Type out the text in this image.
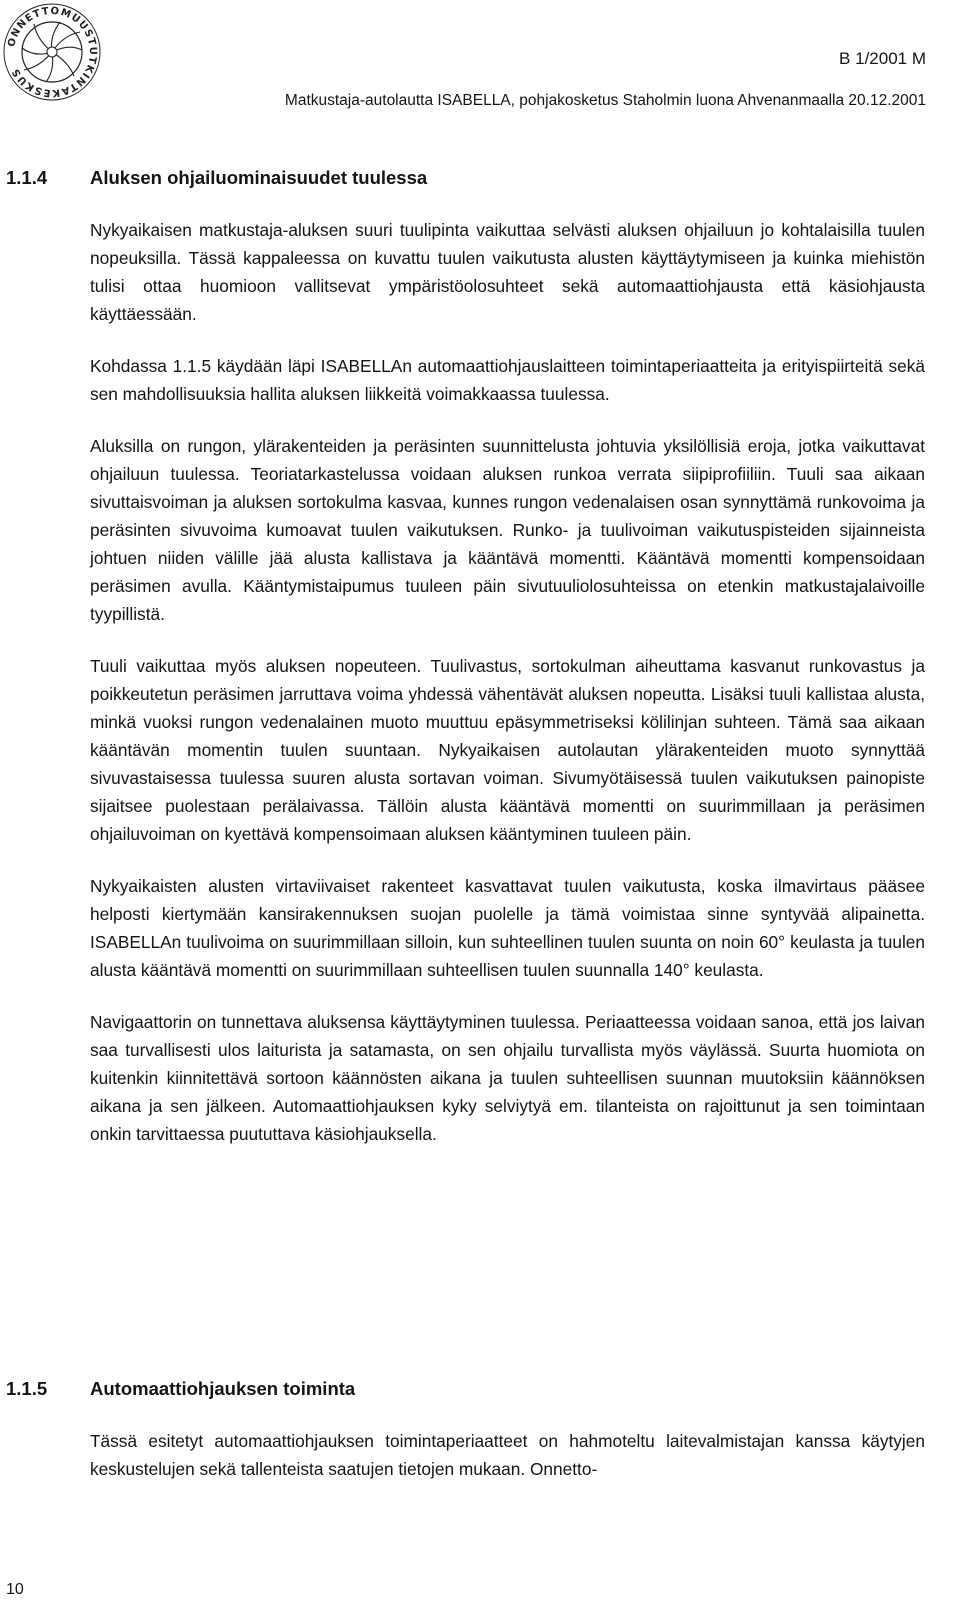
ONNETTOMUUSTUTKINTAKESKUS
B 1/2001 M
Matkustaja-autolautta ISABELLA, pohjakosketus Staholmin luona Ahvenanmaalla 20.12.2001
1.1.4 Aluksen ohjailuominaisuudet tuulessa

Nykyaikaisen matkustaja-aluksen suuri tuulipinta vaikuttaa selvästi aluksen ohjailuun jo kohtalaisilla tuulen nopeuksilla. Tässä kappaleessa on kuvattu tuulen vaikutusta alusten käyttäytymiseen ja kuinka miehistön tulisi ottaa huomioon vallitsevat ympäristöolosuhteet sekä automaattiohjausta että käsiohjausta käyttäessään.

Kohdassa 1.1.5 käydään läpi ISABELLAn automaattiohjauslaitteen toimintaperiaatteita ja erityispiirteitä sekä sen mahdollisuuksia hallita aluksen liikkeitä voimakkaassa tuulessa.

Aluksilla on rungon, ylärakenteiden ja peräsinten suunnittelusta johtuvia yksilöllisiä eroja, jotka vaikuttavat ohjailuun tuulessa. Teoriatarkastelussa voidaan aluksen runkoa verrata siipiprofiiliin. Tuuli saa aikaan sivuttaisvoiman ja aluksen sortokulma kasvaa, kunnes rungon vedenalaisen osan synnyttämä runkovoima ja peräsinten sivuvoima kumoavat tuulen vaikutuksen. Runko- ja tuulivoiman vaikutuspisteiden sijainneista johtuen niiden välille jää alusta kallistava ja kääntävä momentti. Kääntävä momentti kompensoidaan peräsimen avulla. Kääntymistaipumus tuuleen päin sivutuuliolosuhteissa on etenkin matkustajalaivoille tyypillistä.

Tuuli vaikuttaa myös aluksen nopeuteen. Tuulivastus, sortokulman aiheuttama kasvanut runkovastus ja poikkeutetun peräsimen jarruttava voima yhdessä vähentävät aluksen nopeutta. Lisäksi tuuli kallistaa alusta, minkä vuoksi rungon vedenalainen muoto muuttuu epäsymmetriseksi kölilinjan suhteen. Tämä saa aikaan kääntävän momentin tuulen suuntaan. Nykyaikaisen autolautan ylärakenteiden muoto synnyttää sivuvastaisessa tuulessa suuren alusta sortavan voiman. Sivumyötäisessä tuulen vaikutuksen painopiste sijaitsee puolestaan perälaivassa. Tällöin alusta kääntävä momentti on suurimmillaan ja peräsimen ohjailuvoiman on kyettävä kompensoimaan aluksen kääntyminen tuuleen päin.

Nykyaikaisten alusten virtaviivaiset rakenteet kasvattavat tuulen vaikutusta, koska ilmavirtaus pääsee helposti kiertymään kansirakennuksen suojan puolelle ja tämä voimistaa sinne syntyvää alipainetta. ISABELLAn tuulivoima on suurimmillaan silloin, kun suhteellinen tuulen suunta on noin 60° keulasta ja tuulen alusta kääntävä momentti on suurimmillaan suhteellisen tuulen suunnalla 140° keulasta.

Navigaattorin on tunnettava aluksensa käyttäytyminen tuulessa. Periaatteessa voidaan sanoa, että jos laivan saa turvallisesti ulos laiturista ja satamasta, on sen ohjailu turvallista myös väylässä. Suurta huomiota on kuitenkin kiinnitettävä sortoon käännösten aikana ja tuulen suhteellisen suunnan muutoksiin käännöksen aikana ja sen jälkeen. Automaattiohjauksen kyky selviytyä em. tilanteista on rajoittunut ja sen toimintaan onkin tarvittaessa puututtava käsiohjauksella.

1.1.5 Automaattiohjauksen toiminta

Tässä esitetyt automaattiohjauksen toimintaperiaatteet on hahmoteltu laitevalmistajan kanssa käytyjen keskustelujen sekä tallenteista saatujen tietojen mukaan. Onnetto-

10
